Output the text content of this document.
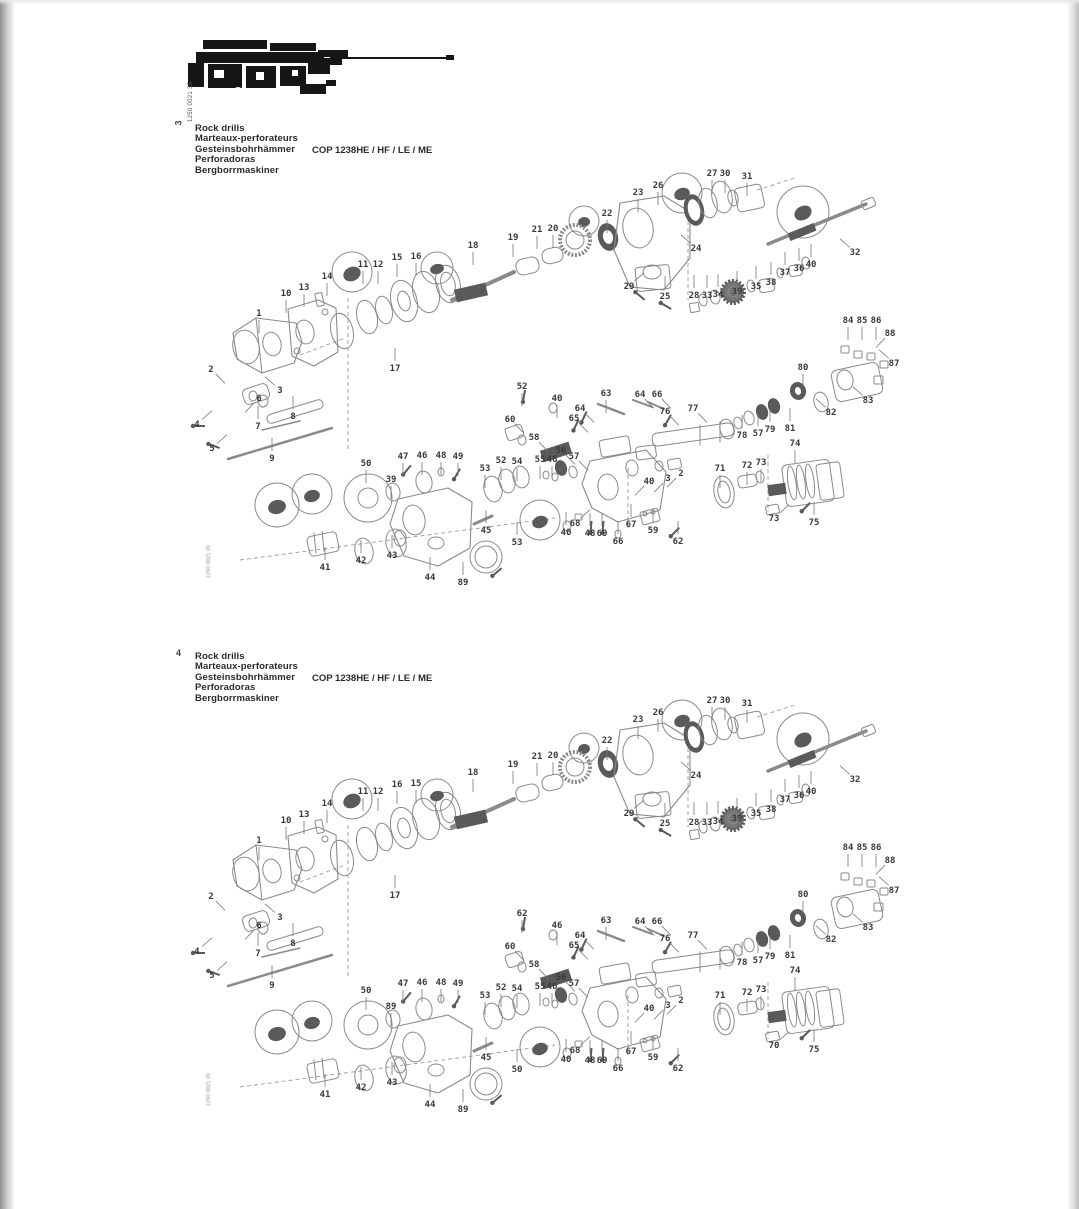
1250 0021 35
3 Rock drills
Marteaux-perforateurs
Gesteinsbohrhämmer
Perforadoras
Bergborrmaskiner
COP 1238HE / HF / LE / ME
1250 0021 35
4 Rock drills
Marteaux-perforateurs
Gesteinsbohrhämmer
Perforadoras
Bergborrmaskiner
COP 1238HE / HF / LE / ME
1250 0021 35
1
10
13
14
11 12
15 16
17
18
19
21 20
22
23
26
27 30 31
24
29
25 28 33 34 39 35 38
37 36 40
32
2
3
6
8
4	7
5
9
84 85 86
88
87
80
83
82
64 66
76 77
78 57 79 81
74
52
40	63
64
65
60
58
56
57
55 46
50
47 46 48 49
39
53
52 54
45
41
42 43
44 89
53
40
68
48 69
66
67
59
62
2
3
71 72 73
73	75
40
1
10
13
14
11 12
16 15
17
18
19
21 20
22
23
26
27 30 31
24
29
25 28 33 34 39 35 38
37 36 40
32
2
3
6
8
4	7
5
9
84 85 86
88
87
80
83
82
64 66
76 77
78 57 79 81
74
62
46	63
64
65
60
58
56
57
55 46
50
47 46 48 49
89
53
52 54
45
41
42 43
44 89
50
40
68
48 69
66
67
59
62
2
3
71 72 73
70	75
40
